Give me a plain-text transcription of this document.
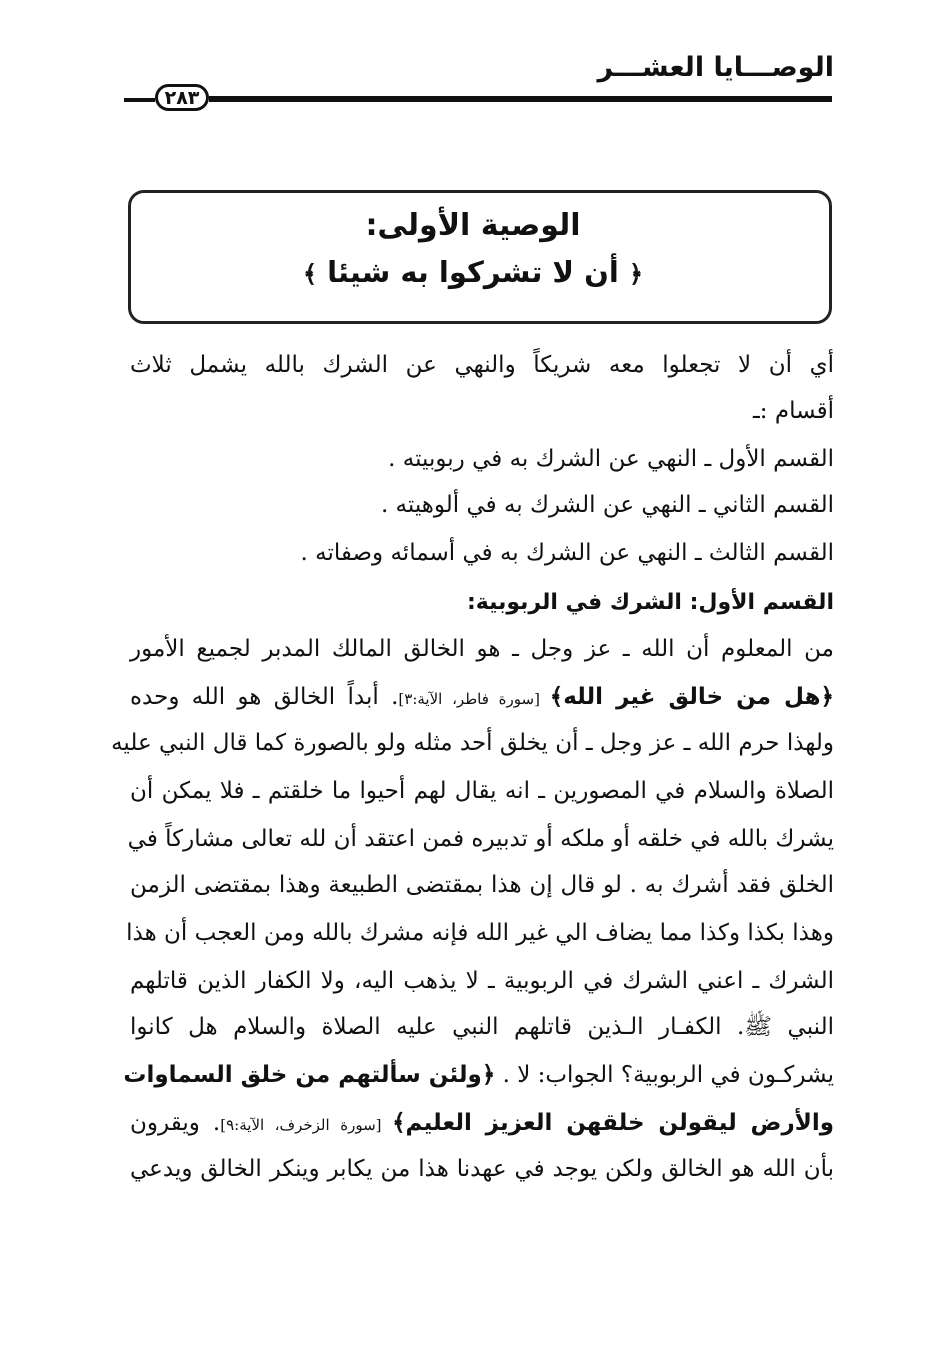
الوصـــايا العشـــر
٢٨٣
الوصية الأولى:
﴿ أن لا تشركوا به شيئا ﴾
أي أن لا تجعلوا معه شريكاً والنهي عن الشرك بالله يشمل ثلاث
أقسام :ـ
القسم الأول ـ النهي عن الشرك به في ربوبيته .
القسم الثاني ـ النهي عن الشرك به في ألوهيته .
القسم الثالث ـ النهي عن الشرك به في أسمائه وصفاته .
القسم الأول: الشرك في الربوبية:
من المعلوم أن الله ـ عز وجل ـ هو الخالق المالك المدبر لجميع الأمور
﴿هل من خالق غير الله﴾ [سورة فاطر، الآية:٣]. أبداً الخالق هو الله وحده
ولهذا حرم الله ـ عز وجل ـ أن يخلق أحد مثله ولو بالصورة كما قال النبي عليه
الصلاة والسلام في المصورين ـ انه يقال لهم أحيوا ما خلقتم ـ فلا يمكن أن
يشرك بالله في خلقه أو ملكه أو تدبيره فمن اعتقد أن لله تعالى مشاركاً في
الخلق فقد أشرك به . لو قال إن هذا بمقتضى الطبيعة وهذا بمقتضى الزمن
وهذا بكذا وكذا مما يضاف الي غير الله فإنه مشرك بالله ومن العجب أن هذا
الشرك ـ اعني الشرك في الربوبية ـ لا يذهب اليه، ولا الكفار الذين قاتلهم
النبي ﷺ. الكفـار الـذين قاتلهم النبي عليه الصلاة والسلام هل كانوا
يشركـون في الربوبية؟ الجواب: لا . ﴿ولئن سألتهم من خلق السماوات
والأرض ليقولن خلقهن العزيز العليم﴾ [سورة الزخرف، الآية:٩]. ويقرون
بأن الله هو الخالق ولكن يوجد في عهدنا هذا من يكابر وينكر الخالق ويدعي
